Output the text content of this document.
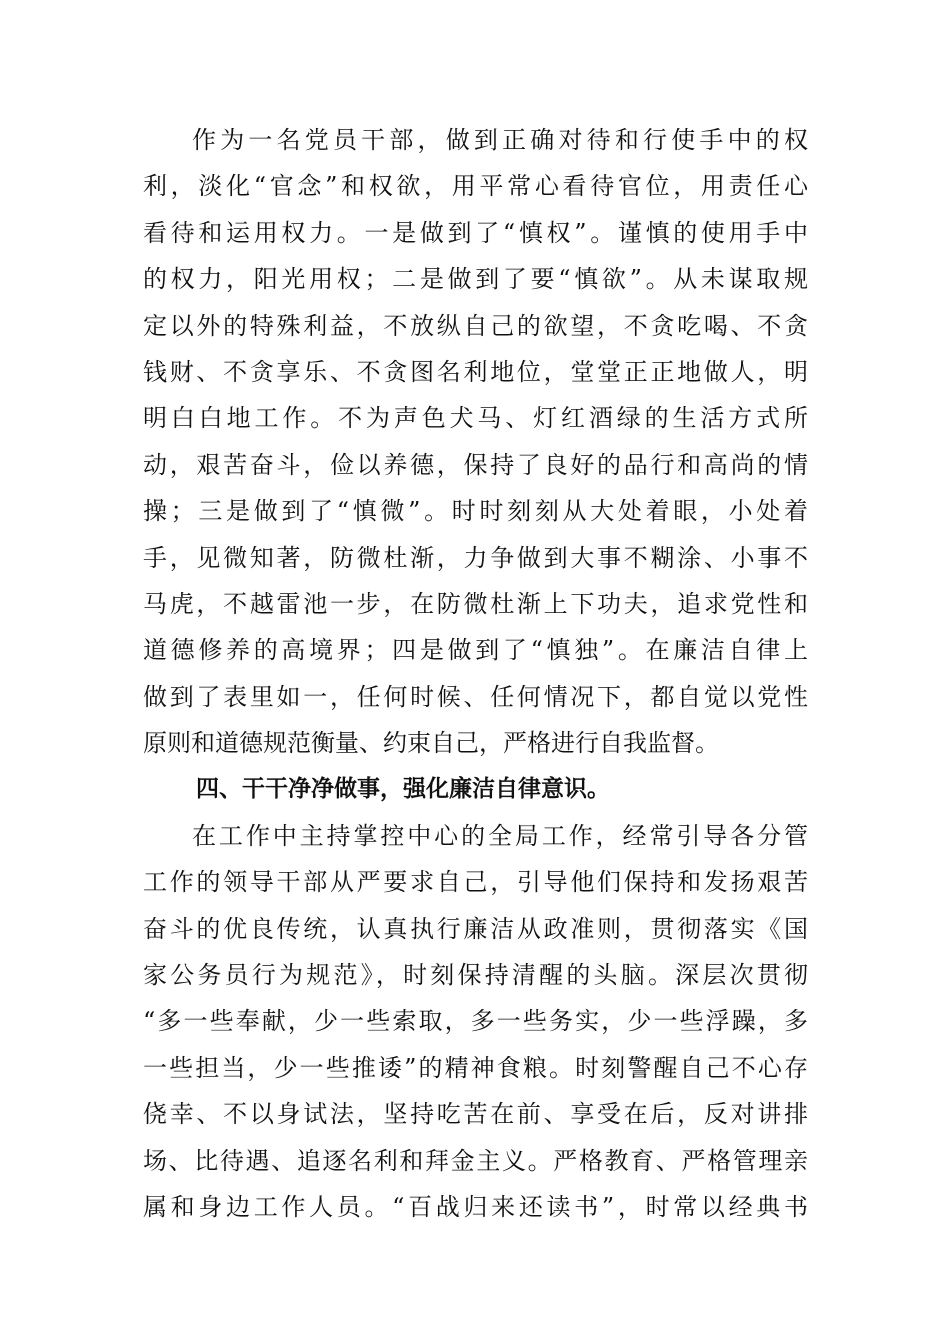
作为一名党员干部，做到正确对待和行使手中的权
利，淡化“官念”和权欲，用平常心看待官位，用责任心
看待和运用权力。一是做到了“慎权”。谨慎的使用手中
的权力，阳光用权；二是做到了要“慎欲”。从未谋取规
定以外的特殊利益，不放纵自己的欲望，不贪吃喝、不贪
钱财、不贪享乐、不贪图名利地位，堂堂正正地做人，明
明白白地工作。不为声色犬马、灯红酒绿的生活方式所
动，艰苦奋斗，俭以养德，保持了良好的品行和高尚的情
操；三是做到了“慎微”。时时刻刻从大处着眼，小处着
手，见微知著，防微杜渐，力争做到大事不糊涂、小事不
马虎，不越雷池一步，在防微杜渐上下功夫，追求党性和
道德修养的高境界；四是做到了“慎独”。在廉洁自律上
做到了表里如一，任何时候、任何情况下，都自觉以党性
原则和道德规范衡量、约束自己，严格进行自我监督。
四、干干净净做事，强化廉洁自律意识。
在工作中主持掌控中心的全局工作，经常引导各分管
工作的领导干部从严要求自己，引导他们保持和发扬艰苦
奋斗的优良传统，认真执行廉洁从政准则，贯彻落实《国
家公务员行为规范》，时刻保持清醒的头脑。深层次贯彻
“多一些奉献，少一些索取，多一些务实，少一些浮躁，多
一些担当，少一些推诿”的精神食粮。时刻警醒自己不心存
侥幸、不以身试法，坚持吃苦在前、享受在后，反对讲排
场、比待遇、追逐名利和拜金主义。严格教育、严格管理亲
属和身边工作人员。“百战归来还读书”，时常以经典书
